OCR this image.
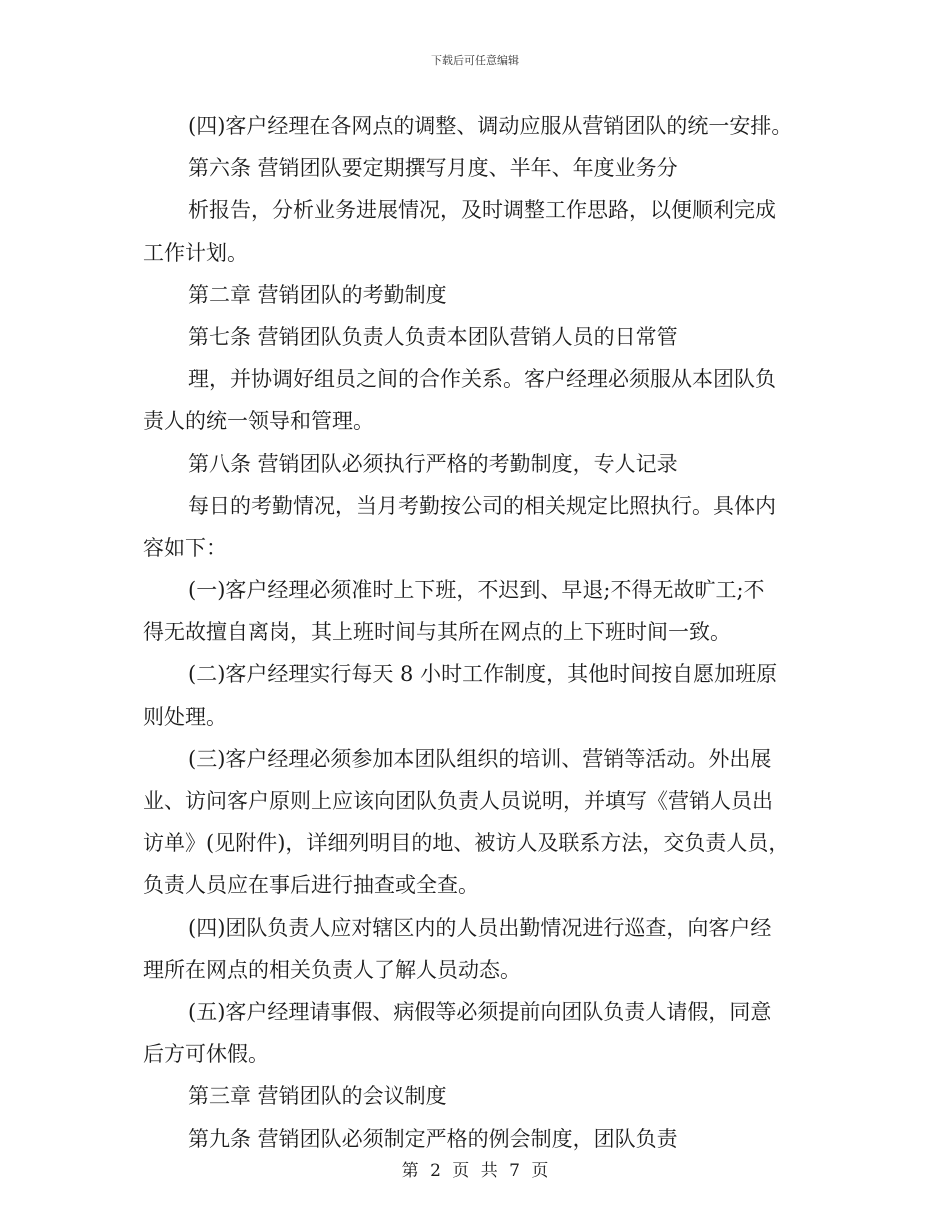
下载后可任意编辑
(四)客户经理在各网点的调整、调动应服从营销团队的统一安排。
第六条 营销团队要定期撰写月度、半年、年度业务分
析报告，分析业务进展情况，及时调整工作思路，以便顺利完成
工作计划。
第二章 营销团队的考勤制度
第七条 营销团队负责人负责本团队营销人员的日常管
理，并协调好组员之间的合作关系。客户经理必须服从本团队负
责人的统一领导和管理。
第八条 营销团队必须执行严格的考勤制度，专人记录
每日的考勤情况，当月考勤按公司的相关规定比照执行。具体内
容如下：
(一)客户经理必须准时上下班，不迟到、早退;不得无故旷工;不
得无故擅自离岗，其上班时间与其所在网点的上下班时间一致。
(二)客户经理实行每天 8 小时工作制度，其他时间按自愿加班原
则处理。
(三)客户经理必须参加本团队组织的培训、营销等活动。外出展
业、访问客户原则上应该向团队负责人员说明，并填写《营销人员出
访单》(见附件)，详细列明目的地、被访人及联系方法，交负责人员，
负责人员应在事后进行抽查或全查。
(四)团队负责人应对辖区内的人员出勤情况进行巡查，向客户经
理所在网点的相关负责人了解人员动态。
(五)客户经理请事假、病假等必须提前向团队负责人请假，同意
后方可休假。
第三章 营销团队的会议制度
第九条 营销团队必须制定严格的例会制度，团队负责
第 2 页 共 7 页
